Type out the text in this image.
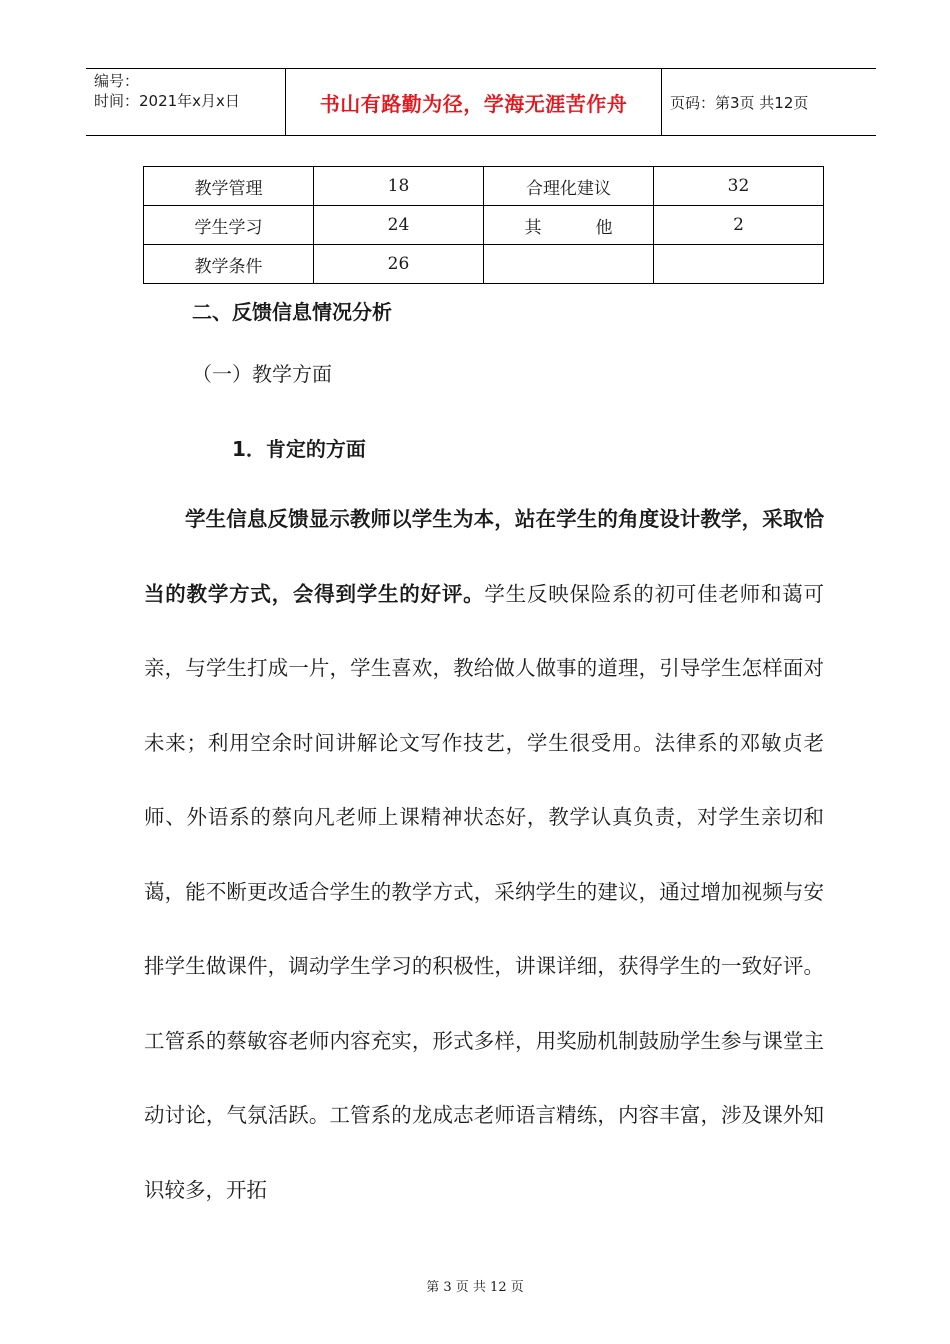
编号：
时间：2021年x月x日	书山有路勤为径，学海无涯苦作舟	页码：第3页 共12页
教学管理	18	合理化建议	32
学生学习	24	其          他	2
教学条件	26		
二、反馈信息情况分析
（一）教学方面
1．肯定的方面

学生信息反馈显示教师以学生为本，站在学生的角度设计教学，采取恰当的教学方式，会得到学生的好评。学生反映保险系的初可佳老师和蔼可亲，与学生打成一片，学生喜欢，教给做人做事的道理，引导学生怎样面对未来；利用空余时间讲解论文写作技艺，学生很受用。法律系的邓敏贞老师、外语系的蔡向凡老师上课精神状态好，教学认真负责，对学生亲切和蔼，能不断更改适合学生的教学方式，采纳学生的建议，通过增加视频与安排学生做课件，调动学生学习的积极性，讲课详细，获得学生的一致好评。工管系的蔡敏容老师内容充实，形式多样，用奖励机制鼓励学生参与课堂主动讨论，气氛活跃。工管系的龙成志老师语言精练，内容丰富，涉及课外知识较多，开拓

第 3 页 共 12 页
